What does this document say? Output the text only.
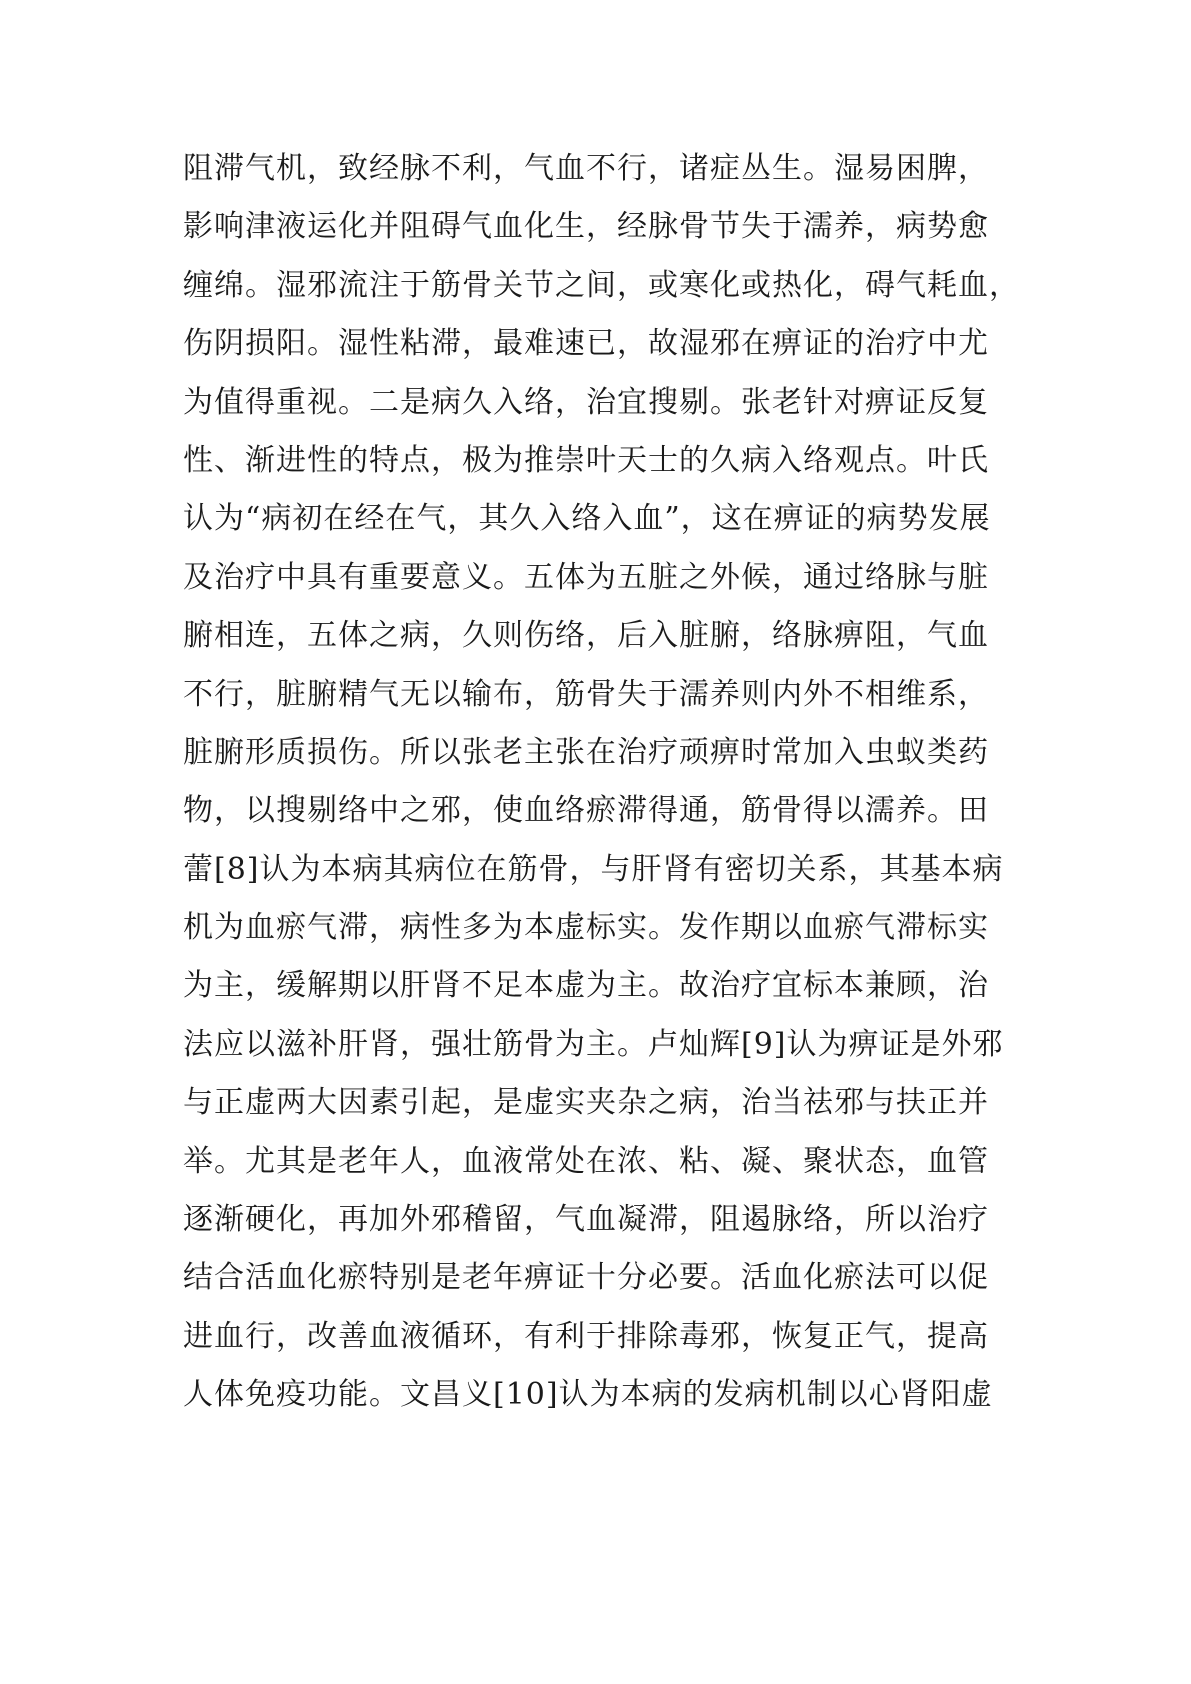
阻滞气机，致经脉不利，气血不行，诸症丛生。湿易困脾，
影响津液运化并阻碍气血化生，经脉骨节失于濡养，病势愈
缠绵。湿邪流注于筋骨关节之间，或寒化或热化，碍气耗血，
伤阴损阳。湿性粘滞，最难速已，故湿邪在痹证的治疗中尤
为值得重视。二是病久入络，治宜搜剔。张老针对痹证反复
性、渐进性的特点，极为推崇叶天士的久病入络观点。叶氏
认为“病初在经在气，其久入络入血”，这在痹证的病势发展
及治疗中具有重要意义。五体为五脏之外候，通过络脉与脏
腑相连，五体之病，久则伤络，后入脏腑，络脉痹阻，气血
不行，脏腑精气无以输布，筋骨失于濡养则内外不相维系，
脏腑形质损伤。所以张老主张在治疗顽痹时常加入虫蚁类药
物，以搜剔络中之邪，使血络瘀滞得通，筋骨得以濡养。田
蕾[8]认为本病其病位在筋骨，与肝肾有密切关系，其基本病
机为血瘀气滞，病性多为本虚标实。发作期以血瘀气滞标实
为主，缓解期以肝肾不足本虚为主。故治疗宜标本兼顾，治
法应以滋补肝肾，强壮筋骨为主。卢灿辉[9]认为痹证是外邪
与正虚两大因素引起，是虚实夹杂之病，治当祛邪与扶正并
举。尤其是老年人，血液常处在浓、粘、凝、聚状态，血管
逐渐硬化，再加外邪稽留，气血凝滞，阻遏脉络，所以治疗
结合活血化瘀特别是老年痹证十分必要。活血化瘀法可以促
进血行，改善血液循环，有利于排除毒邪，恢复正气，提高
人体免疫功能。文昌义[10]认为本病的发病机制以心肾阳虚
